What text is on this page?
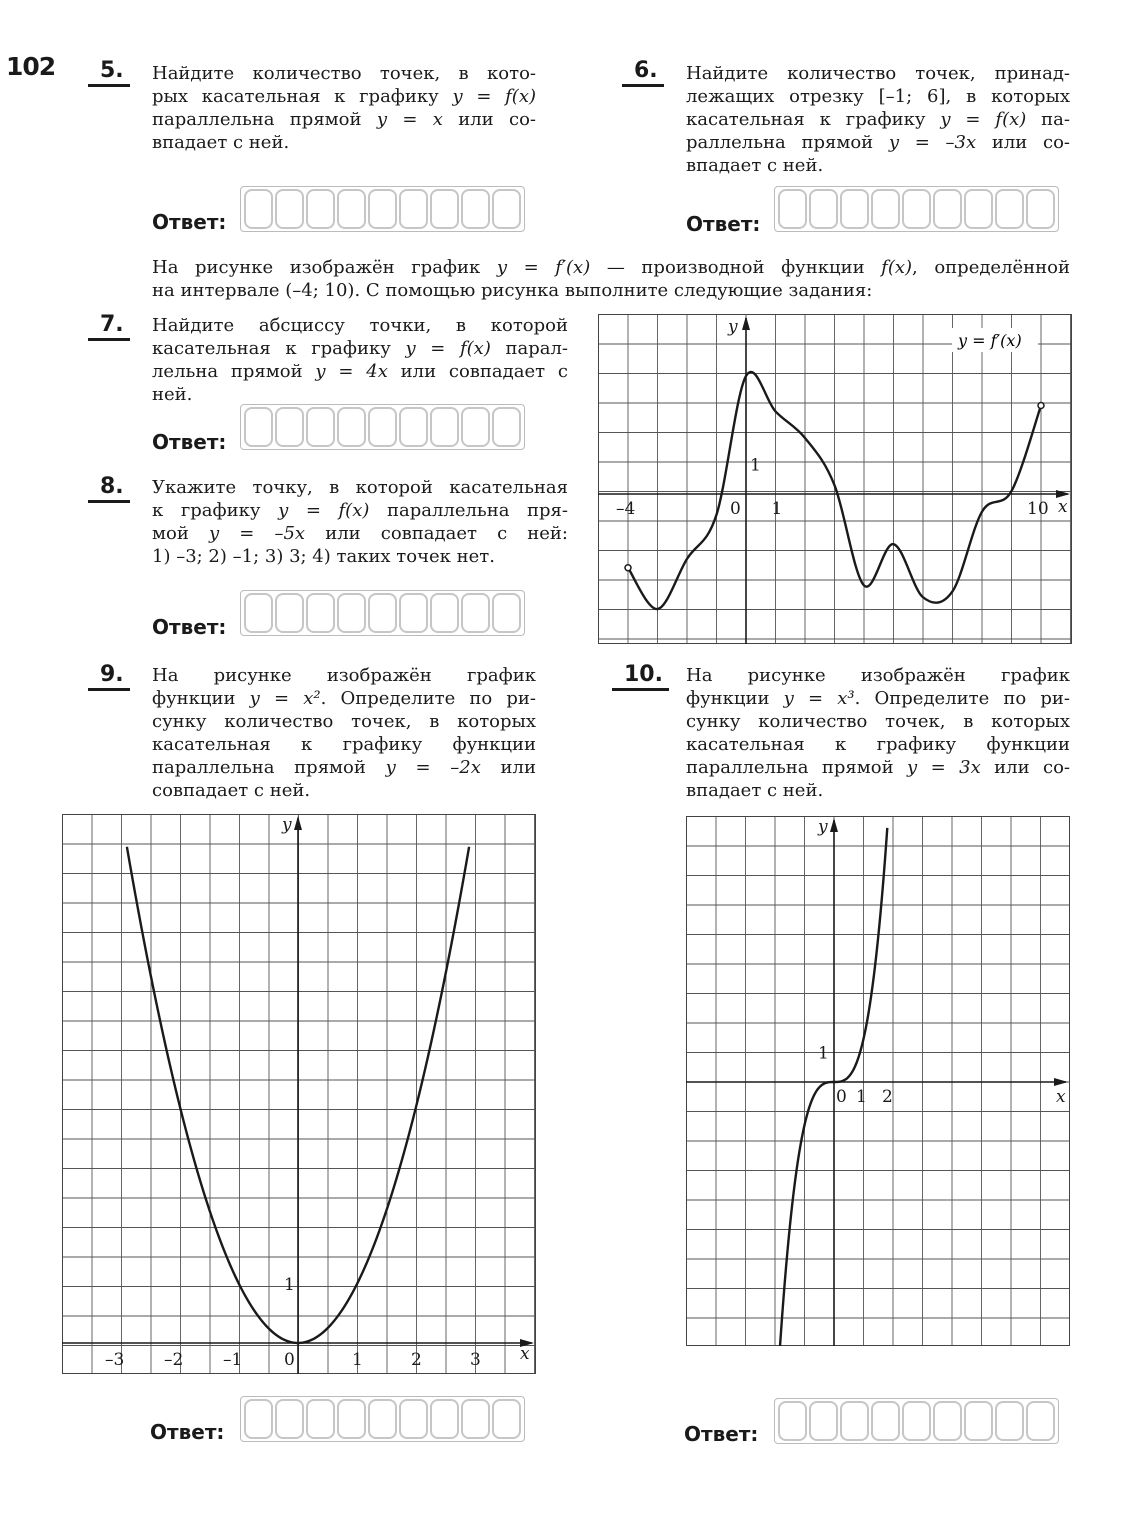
102	5.	Найдите количество точек, в кото-
рых касательная к графику y = f(x)
параллельна прямой y = x или со-
впадает с ней.
Ответ:
6.	Найдите количество точек, принад-
лежащих отрезку [–1; 6], в которых
касательная к графику y = f(x) па-
раллельна прямой y = –3x или со-
впадает с ней.
Ответ:
На рисунке изображён график y = f′(x) — производной функции f(x), определённой
на интервале (–4; 10). С помощью рисунка выполните следующие задания:
7.	Найдите абсциссу точки, в которой
касательная к графику y = f(x) парал-
лельна прямой y = 4x или совпадает с
ней.
Ответ:
8.	Укажите точку, в которой касательная
к графику y = f(x) параллельна пря-
мой y = –5x или совпадает с ней:
1) –3; 2) –1; 3) 3; 4) таких точек нет.
Ответ:
–4	0 1	10
1
x
y
y = f′(x)
9.	На рисунке изображён график
функции y = x². Определите по ри-
сунку количество точек, в которых
касательная к графику функции
параллельна прямой y = –2x или
совпадает с ней.
10.	На рисунке изображён график
функции y = x³. Определите по ри-
сунку количество точек, в которых
касательная к графику функции
параллельна прямой y = 3x или со-
впадает с ней.
–3 –2 –1 0	1	2	3
1
x
y
0 1 2
1
x
y
Ответ:	Ответ:
